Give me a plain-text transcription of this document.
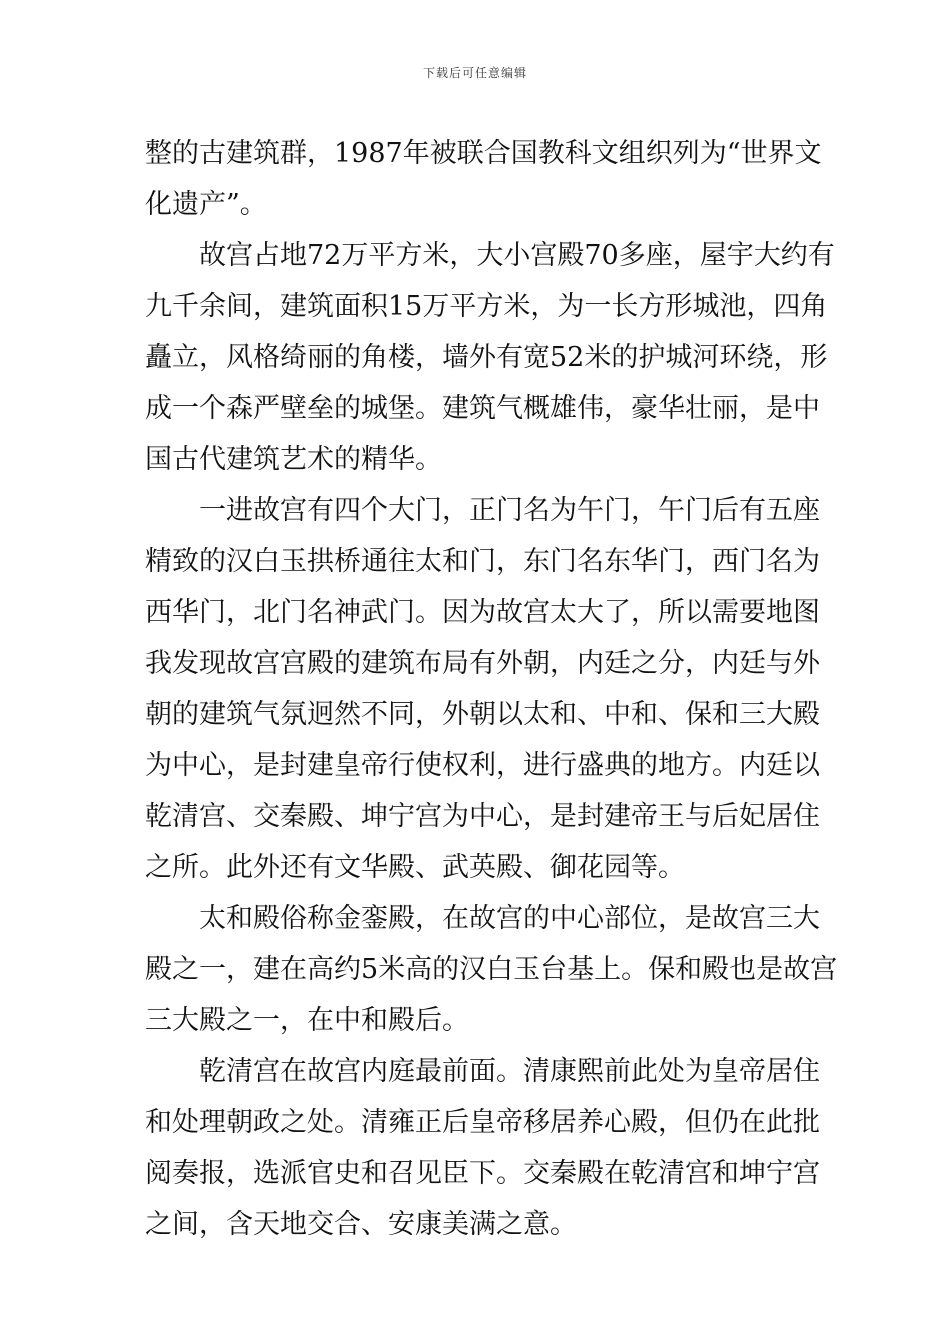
下载后可任意编辑
整的古建筑群，1987年被联合国教科文组织列为“世界文
化遗产”。
故宫占地72万平方米，大小宫殿70多座，屋宇大约有
九千余间，建筑面积15万平方米，为一长方形城池，四角
矗立，风格绮丽的角楼，墙外有宽52米的护城河环绕，形
成一个森严壁垒的城堡。建筑气概雄伟，豪华壮丽，是中
国古代建筑艺术的精华。
一进故宫有四个大门，正门名为午门，午门后有五座
精致的汉白玉拱桥通往太和门，东门名东华门，西门名为
西华门，北门名神武门。因为故宫太大了，所以需要地图
我发现故宫宫殿的建筑布局有外朝，内廷之分，内廷与外
朝的建筑气氛迥然不同，外朝以太和、中和、保和三大殿
为中心，是封建皇帝行使权利，进行盛典的地方。内廷以
乾清宫、交秦殿、坤宁宫为中心，是封建帝王与后妃居住
之所。此外还有文华殿、武英殿、御花园等。
太和殿俗称金銮殿，在故宫的中心部位，是故宫三大
殿之一，建在高约5米高的汉白玉台基上。保和殿也是故宫
三大殿之一，在中和殿后。
乾清宫在故宫内庭最前面。清康熙前此处为皇帝居住
和处理朝政之处。清雍正后皇帝移居养心殿，但仍在此批
阅奏报，选派官史和召见臣下。交秦殿在乾清宫和坤宁宫
之间，含天地交合、安康美满之意。
